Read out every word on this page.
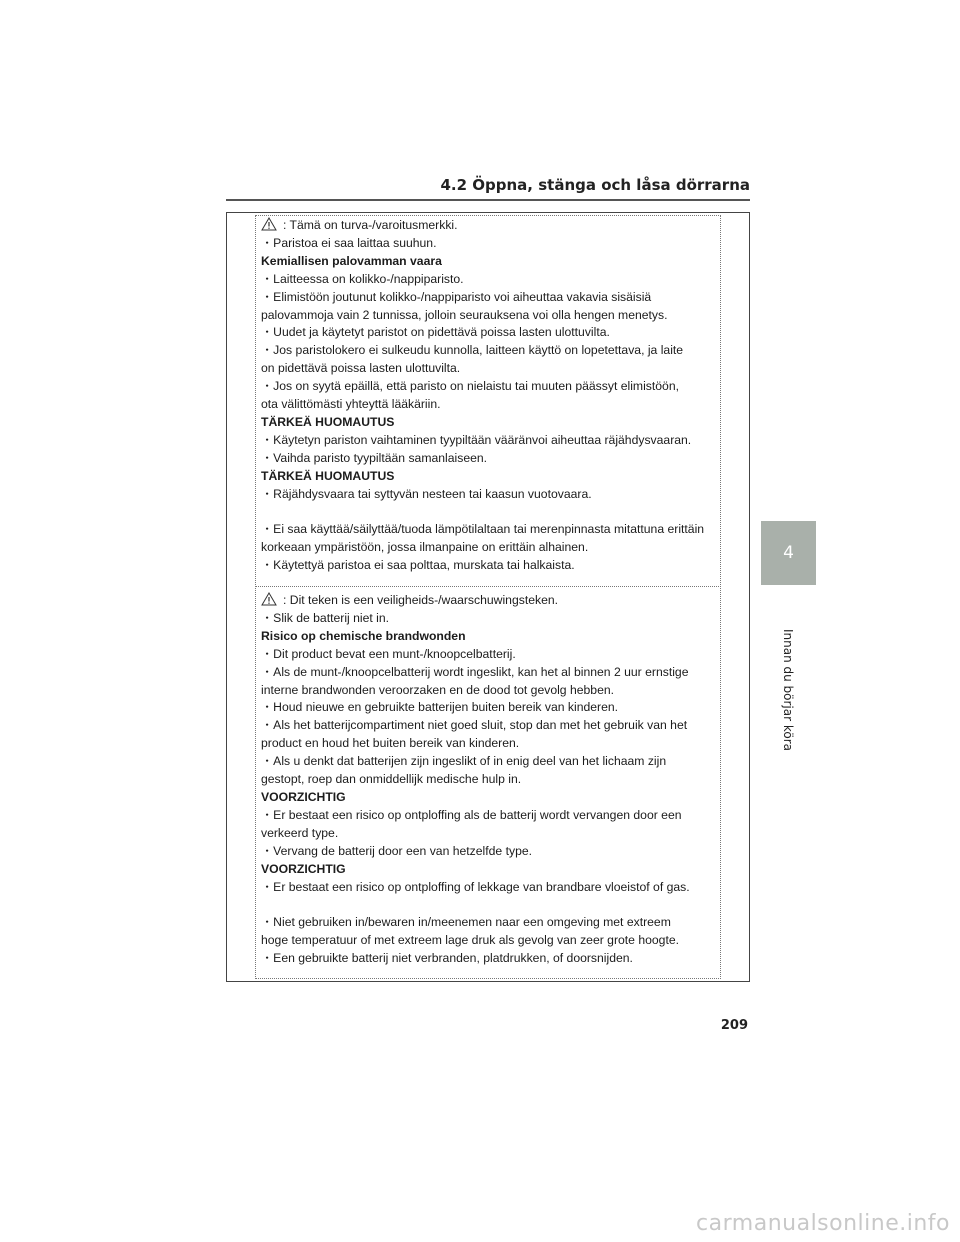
4.2 Öppna, stänga och låsa dörrarna
: Tämä on turva-/varoitusmerkki.
・Paristoa ei saa laittaa suuhun.
Kemiallisen palovamman vaara
・Laitteessa on kolikko-/nappiparisto.
・Elimistöön joutunut kolikko-/nappiparisto voi aiheuttaa vakavia sisäisiä
palovammoja vain 2 tunnissa, jolloin seurauksena voi olla hengen menetys.
・Uudet ja käytetyt paristot on pidettävä poissa lasten ulottuvilta.
・Jos paristolokero ei sulkeudu kunnolla, laitteen käyttö on lopetettava, ja laite
on pidettävä poissa lasten ulottuvilta.
・Jos on syytä epäillä, että paristo on nielaistu tai muuten päässyt elimistöön,
ota välittömästi yhteyttä lääkäriin.
TÄRKEÄ HUOMAUTUS
・Käytetyn pariston vaihtaminen tyypiltään vääränvoi aiheuttaa räjähdysvaaran.
・Vaihda paristo tyypiltään samanlaiseen.
TÄRKEÄ HUOMAUTUS
・Räjähdysvaara tai syttyvän nesteen tai kaasun vuotovaara.
・Ei saa käyttää/säilyttää/tuoda lämpötilaltaan tai merenpinnasta mitattuna erittäin
korkeaan ympäristöön, jossa ilmanpaine on erittäin alhainen.
・Käytettyä paristoa ei saa polttaa, murskata tai halkaista.
: Dit teken is een veiligheids-/waarschuwingsteken.
・Slik de batterij niet in.
Risico op chemische brandwonden
・Dit product bevat een munt-/knoopcelbatterij.
・Als de munt-/knoopcelbatterij wordt ingeslikt, kan het al binnen 2 uur ernstige
interne brandwonden veroorzaken en de dood tot gevolg hebben.
・Houd nieuwe en gebruikte batterijen buiten bereik van kinderen.
・Als het batterijcompartiment niet goed sluit, stop dan met het gebruik van het
product en houd het buiten bereik van kinderen.
・Als u denkt dat batterijen zijn ingeslikt of in enig deel van het lichaam zijn
gestopt, roep dan onmiddellijk medische hulp in.
VOORZICHTIG
・Er bestaat een risico op ontploffing als de batterij wordt vervangen door een
verkeerd type.
・Vervang de batterij door een van hetzelfde type.
VOORZICHTIG
・Er bestaat een risico op ontploffing of lekkage van brandbare vloeistof of gas.
・Niet gebruiken in/bewaren in/meenemen naar een omgeving met extreem
hoge temperatuur of met extreem lage druk als gevolg van zeer grote hoogte.
・Een gebruikte batterij niet verbranden, platdrukken, of doorsnijden.
4
Innan du börjar köra
209
carmanualsonline.info
